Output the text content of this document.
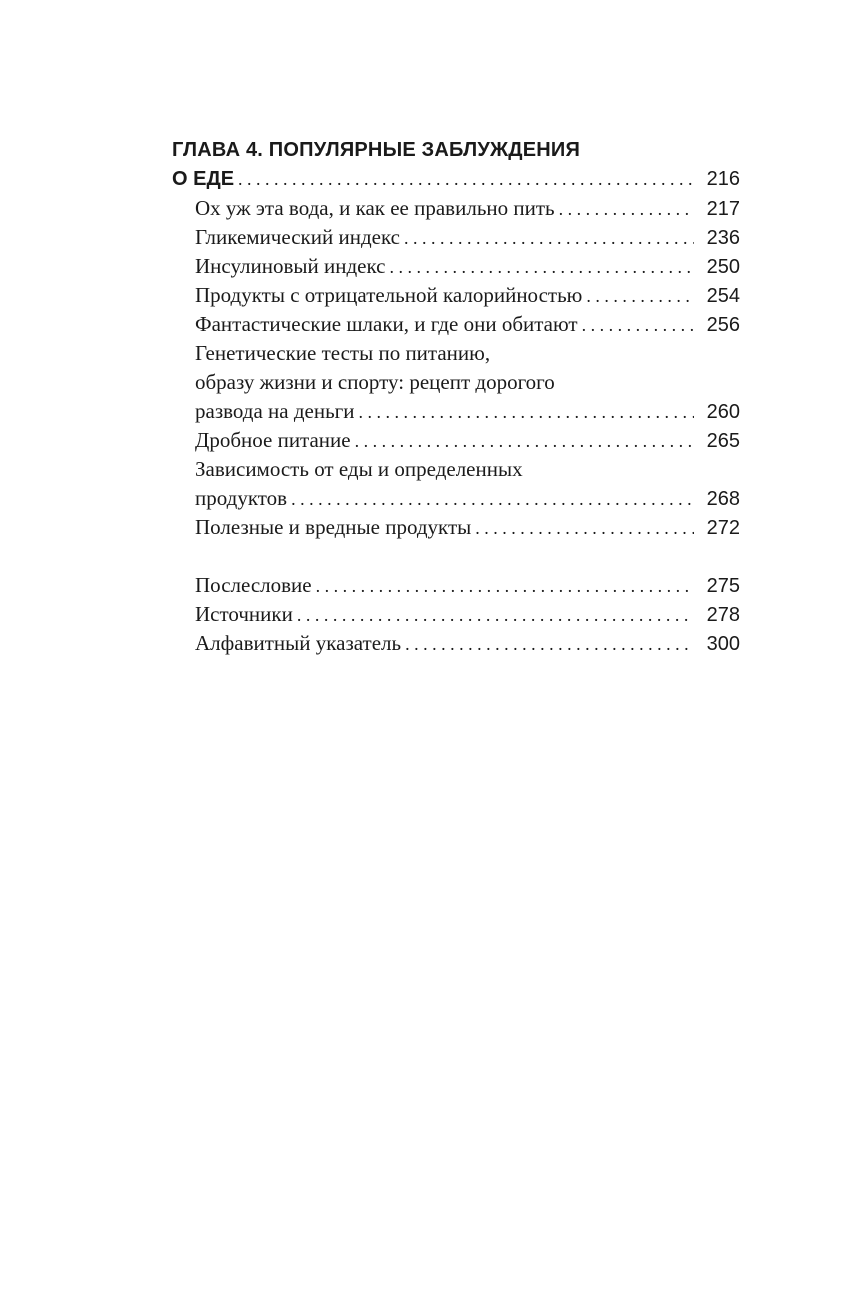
ГЛАВА 4. ПОПУЛЯРНЫЕ ЗАБЛУЖДЕНИЯ
О ЕДЕ . . .	216
Ох уж эта вода, и как ее правильно пить . . .	217
Гликемический индекс . . .	236
Инсулиновый индекс . . .	250
Продукты с отрицательной калорийностью . . .	254
Фантастические шлаки, и где они обитают . . .	256
Генетические тесты по питанию,
образу жизни и спорту: рецепт дорогого
развода на деньги . . .	260
Дробное питание . . .	265
Зависимость от еды и определенных
продуктов . . .	268
Полезные и вредные продукты . . .	272
Послесловие . . .	275
Источники . . .	278
Алфавитный указатель . . .	300
